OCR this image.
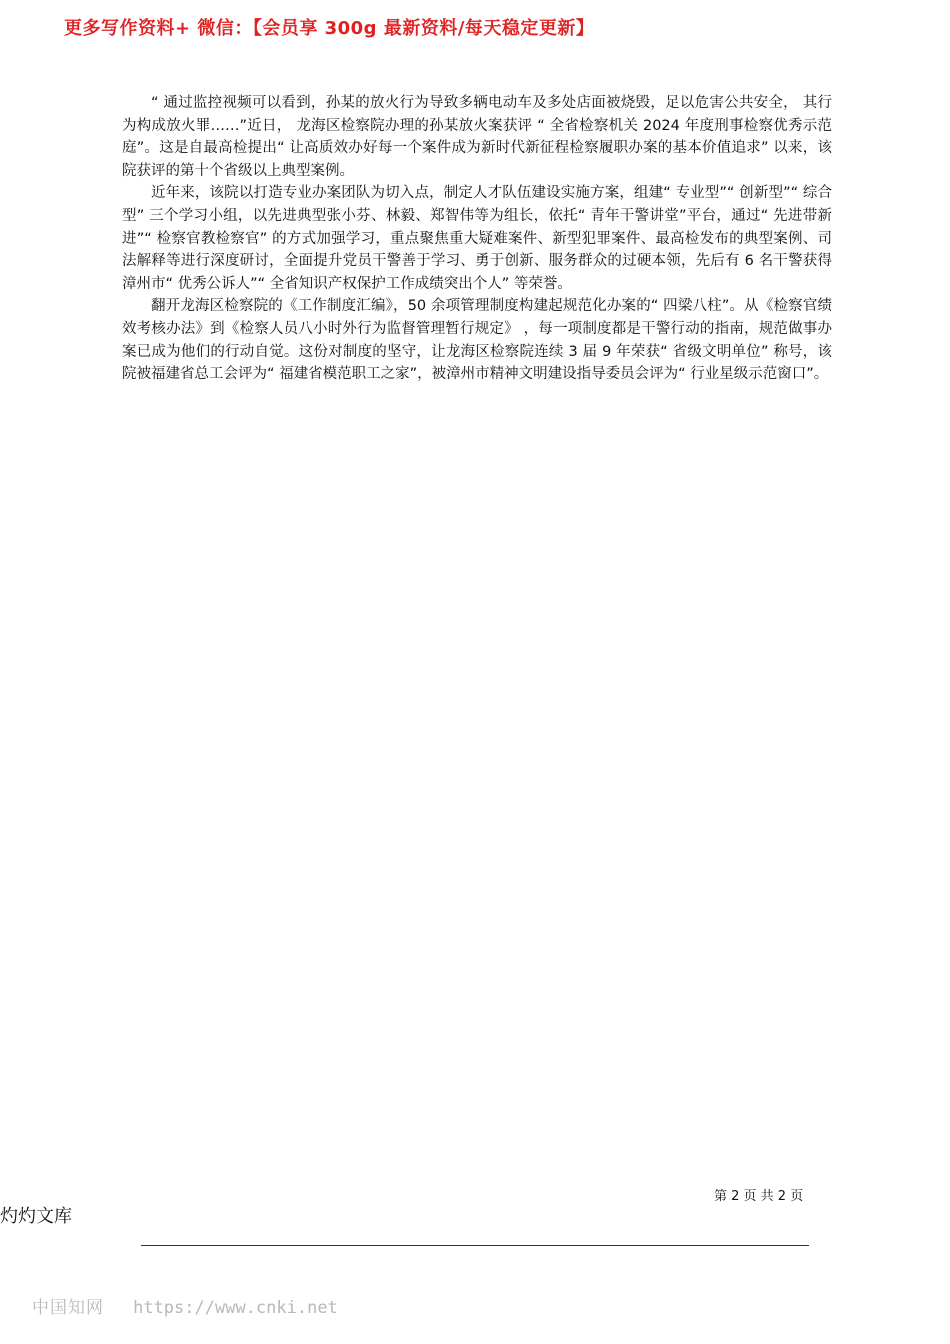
更多写作资料+ 微信：【会员享 300g 最新资料/每天稳定更新】

“ 通过监控视频可以看到，孙某的放火行为导致多辆电动车及多处店面被烧毁，足以危害公共安全， 其行为构成放火罪……”近日， 龙海区检察院办理的孙某放火案获评 “ 全省检察机关 2024 年度刑事检察优秀示范庭”。这是自最高检提出“ 让高质效办好每一个案件成为新时代新征程检察履职办案的基本价值追求” 以来，该院获评的第十个省级以上典型案例。

近年来，该院以打造专业办案团队为切入点，制定人才队伍建设实施方案，组建“ 专业型”“ 创新型”“ 综合型” 三个学习小组，以先进典型张小芬、林毅、郑智伟等为组长，依托“ 青年干警讲堂”平台，通过“ 先进带新进”“ 检察官教检察官” 的方式加强学习，重点聚焦重大疑难案件、新型犯罪案件、最高检发布的典型案例、司法解释等进行深度研讨，全面提升党员干警善于学习、勇于创新、服务群众的过硬本领，先后有 6 名干警获得漳州市“ 优秀公诉人”“ 全省知识产权保护工作成绩突出个人” 等荣誉。

翻开龙海区检察院的《工作制度汇编》，50 余项管理制度构建起规范化办案的“ 四梁八柱”。从《检察官绩效考核办法》到《检察人员八小时外行为监督管理暂行规定》 ，每一项制度都是干警行动的指南，规范做事办案已成为他们的行动自觉。这份对制度的坚守，让龙海区检察院连续 3 届 9 年荣获“ 省级文明单位” 称号，该院被福建省总工会评为“ 福建省模范职工之家”，被漳州市精神文明建设指导委员会评为“ 行业星级示范窗口”。

第 2 页 共 2 页
灼灼文库
中国知网 https://www.cnki.net
